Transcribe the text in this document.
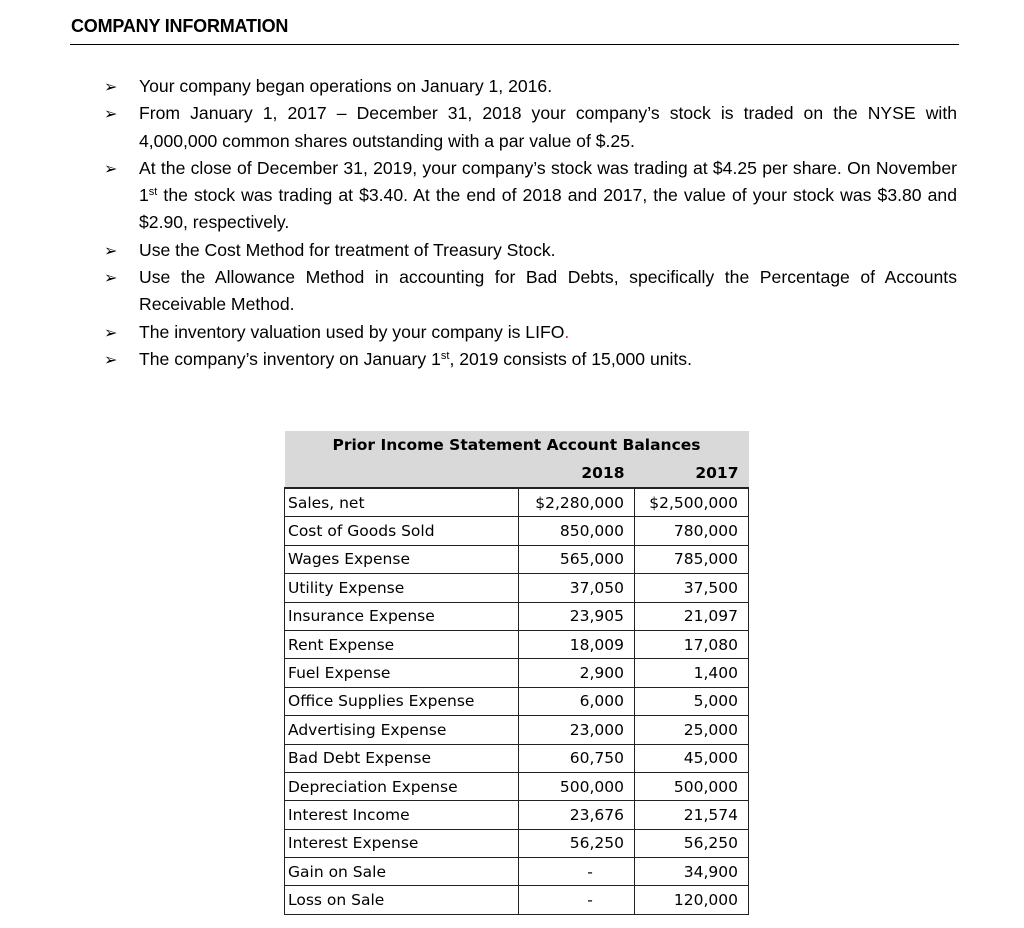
COMPANY INFORMATION
➢ Your company began operations on January 1, 2016.
➢ From January 1, 2017 – December 31, 2018 your company’s stock is traded on the NYSE with 4,000,000 common shares outstanding with a par value of $.25.
➢ At the close of December 31, 2019, your company’s stock was trading at $4.25 per share. On November 1st the stock was trading at $3.40. At the end of 2018 and 2017, the value of your stock was $3.80 and $2.90, respectively.
➢ Use the Cost Method for treatment of Treasury Stock.
➢ Use the Allowance Method in accounting for Bad Debts, specifically the Percentage of Accounts Receivable Method.
➢ The inventory valuation used by your company is LIFO.
➢ The company’s inventory on January 1st, 2019 consists of 15,000 units.
Prior Income Statement Account Balances		
	2018	2017
Sales, net	$2,280,000	$2,500,000
Cost of Goods Sold	850,000	780,000
Wages Expense	565,000	785,000
Utility Expense	37,050	37,500
Insurance Expense	23,905	21,097
Rent Expense	18,009	17,080
Fuel Expense	2,900	1,400
Office Supplies Expense	6,000	5,000
Advertising Expense	23,000	25,000
Bad Debt Expense	60,750	45,000
Depreciation Expense	500,000	500,000
Interest Income	23,676	21,574
Interest Expense	56,250	56,250
Gain on Sale	-	34,900
Loss on Sale	-	120,000
